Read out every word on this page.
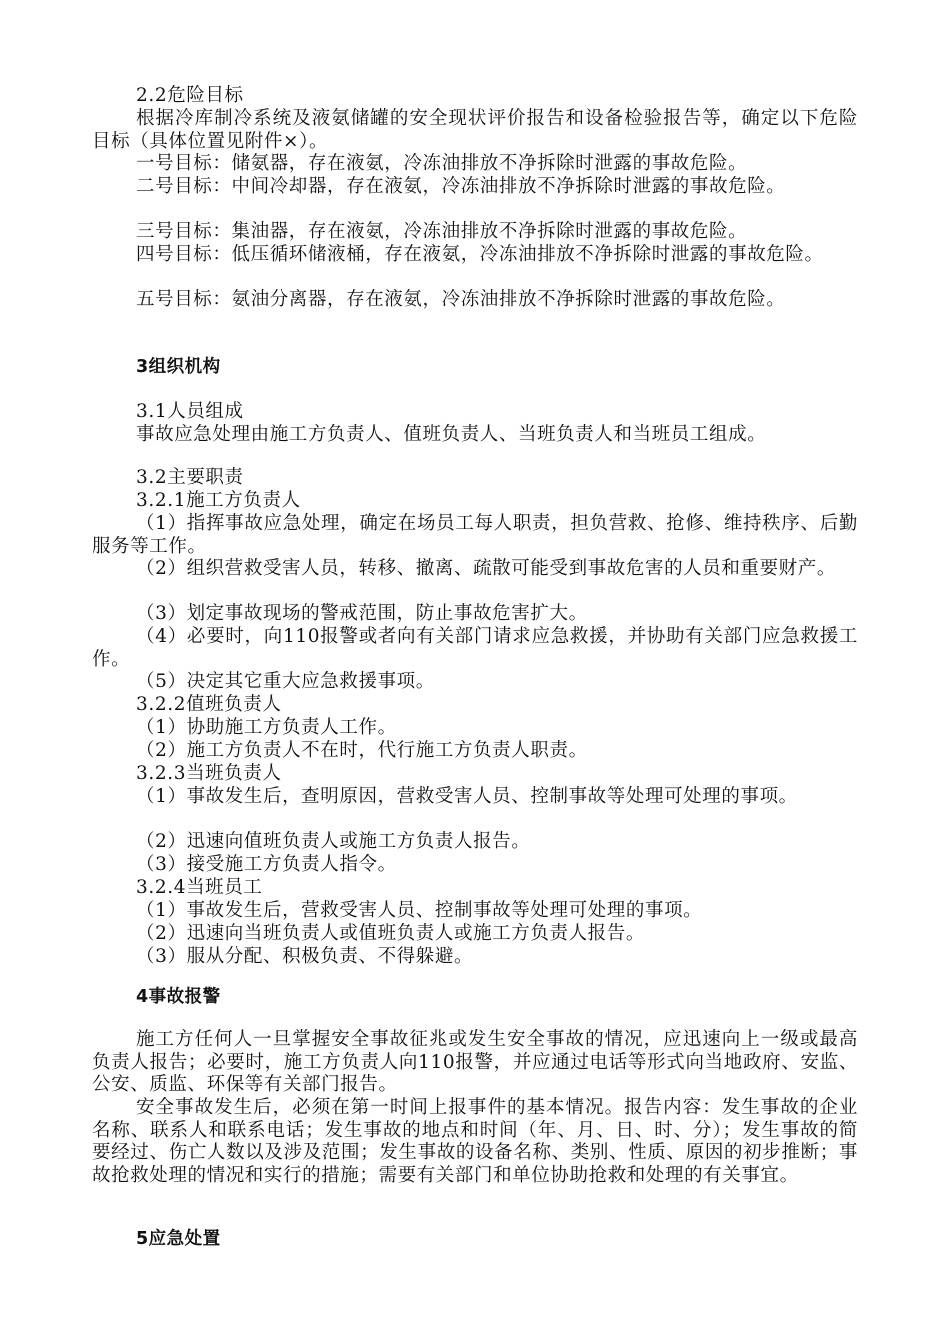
2.2危险目标

根据冷库制冷系统及液氨储罐的安全现状评价报告和设备检验报告等，确定以下危险目标（具体位置见附件×）。

一号目标：储氨器，存在液氨，冷冻油排放不净拆除时泄露的事故危险。

二号目标：中间冷却器，存在液氨，冷冻油排放不净拆除时泄露的事故危险。

三号目标：集油器，存在液氨，冷冻油排放不净拆除时泄露的事故危险。

四号目标：低压循环储液桶，存在液氨，冷冻油排放不净拆除时泄露的事故危险。

五号目标：氨油分离器，存在液氨，冷冻油排放不净拆除时泄露的事故危险。

3组织机构

3.1人员组成

事故应急处理由施工方负责人、值班负责人、当班负责人和当班员工组成。

3.2主要职责

3.2.1施工方负责人

（1）指挥事故应急处理，确定在场员工每人职责，担负营救、抢修、维持秩序、后勤服务等工作。

（2）组织营救受害人员，转移、撤离、疏散可能受到事故危害的人员和重要财产。

（3）划定事故现场的警戒范围，防止事故危害扩大。

（4）必要时，向110报警或者向有关部门请求应急救援，并协助有关部门应急救援工作。

（5）决定其它重大应急救援事项。

3.2.2值班负责人

（1）协助施工方负责人工作。

（2）施工方负责人不在时，代行施工方负责人职责。

3.2.3当班负责人

（1）事故发生后，查明原因，营救受害人员、控制事故等处理可处理的事项。

（2）迅速向值班负责人或施工方负责人报告。

（3）接受施工方负责人指令。

3.2.4当班员工

（1）事故发生后，营救受害人员、控制事故等处理可处理的事项。

（2）迅速向当班负责人或值班负责人或施工方负责人报告。

（3）服从分配、积极负责、不得躲避。

4事故报警

施工方任何人一旦掌握安全事故征兆或发生安全事故的情况，应迅速向上一级或最高负责人报告；必要时，施工方负责人向110报警，并应通过电话等形式向当地政府、安监、公安、质监、环保等有关部门报告。

安全事故发生后，必须在第一时间上报事件的基本情况。报告内容：发生事故的企业名称、联系人和联系电话；发生事故的地点和时间（年、月、日、时、分）；发生事故的简要经过、伤亡人数以及涉及范围；发生事故的设备名称、类别、性质、原因的初步推断；事故抢救处理的情况和实行的措施；需要有关部门和单位协助抢救和处理的有关事宜。

5应急处置
